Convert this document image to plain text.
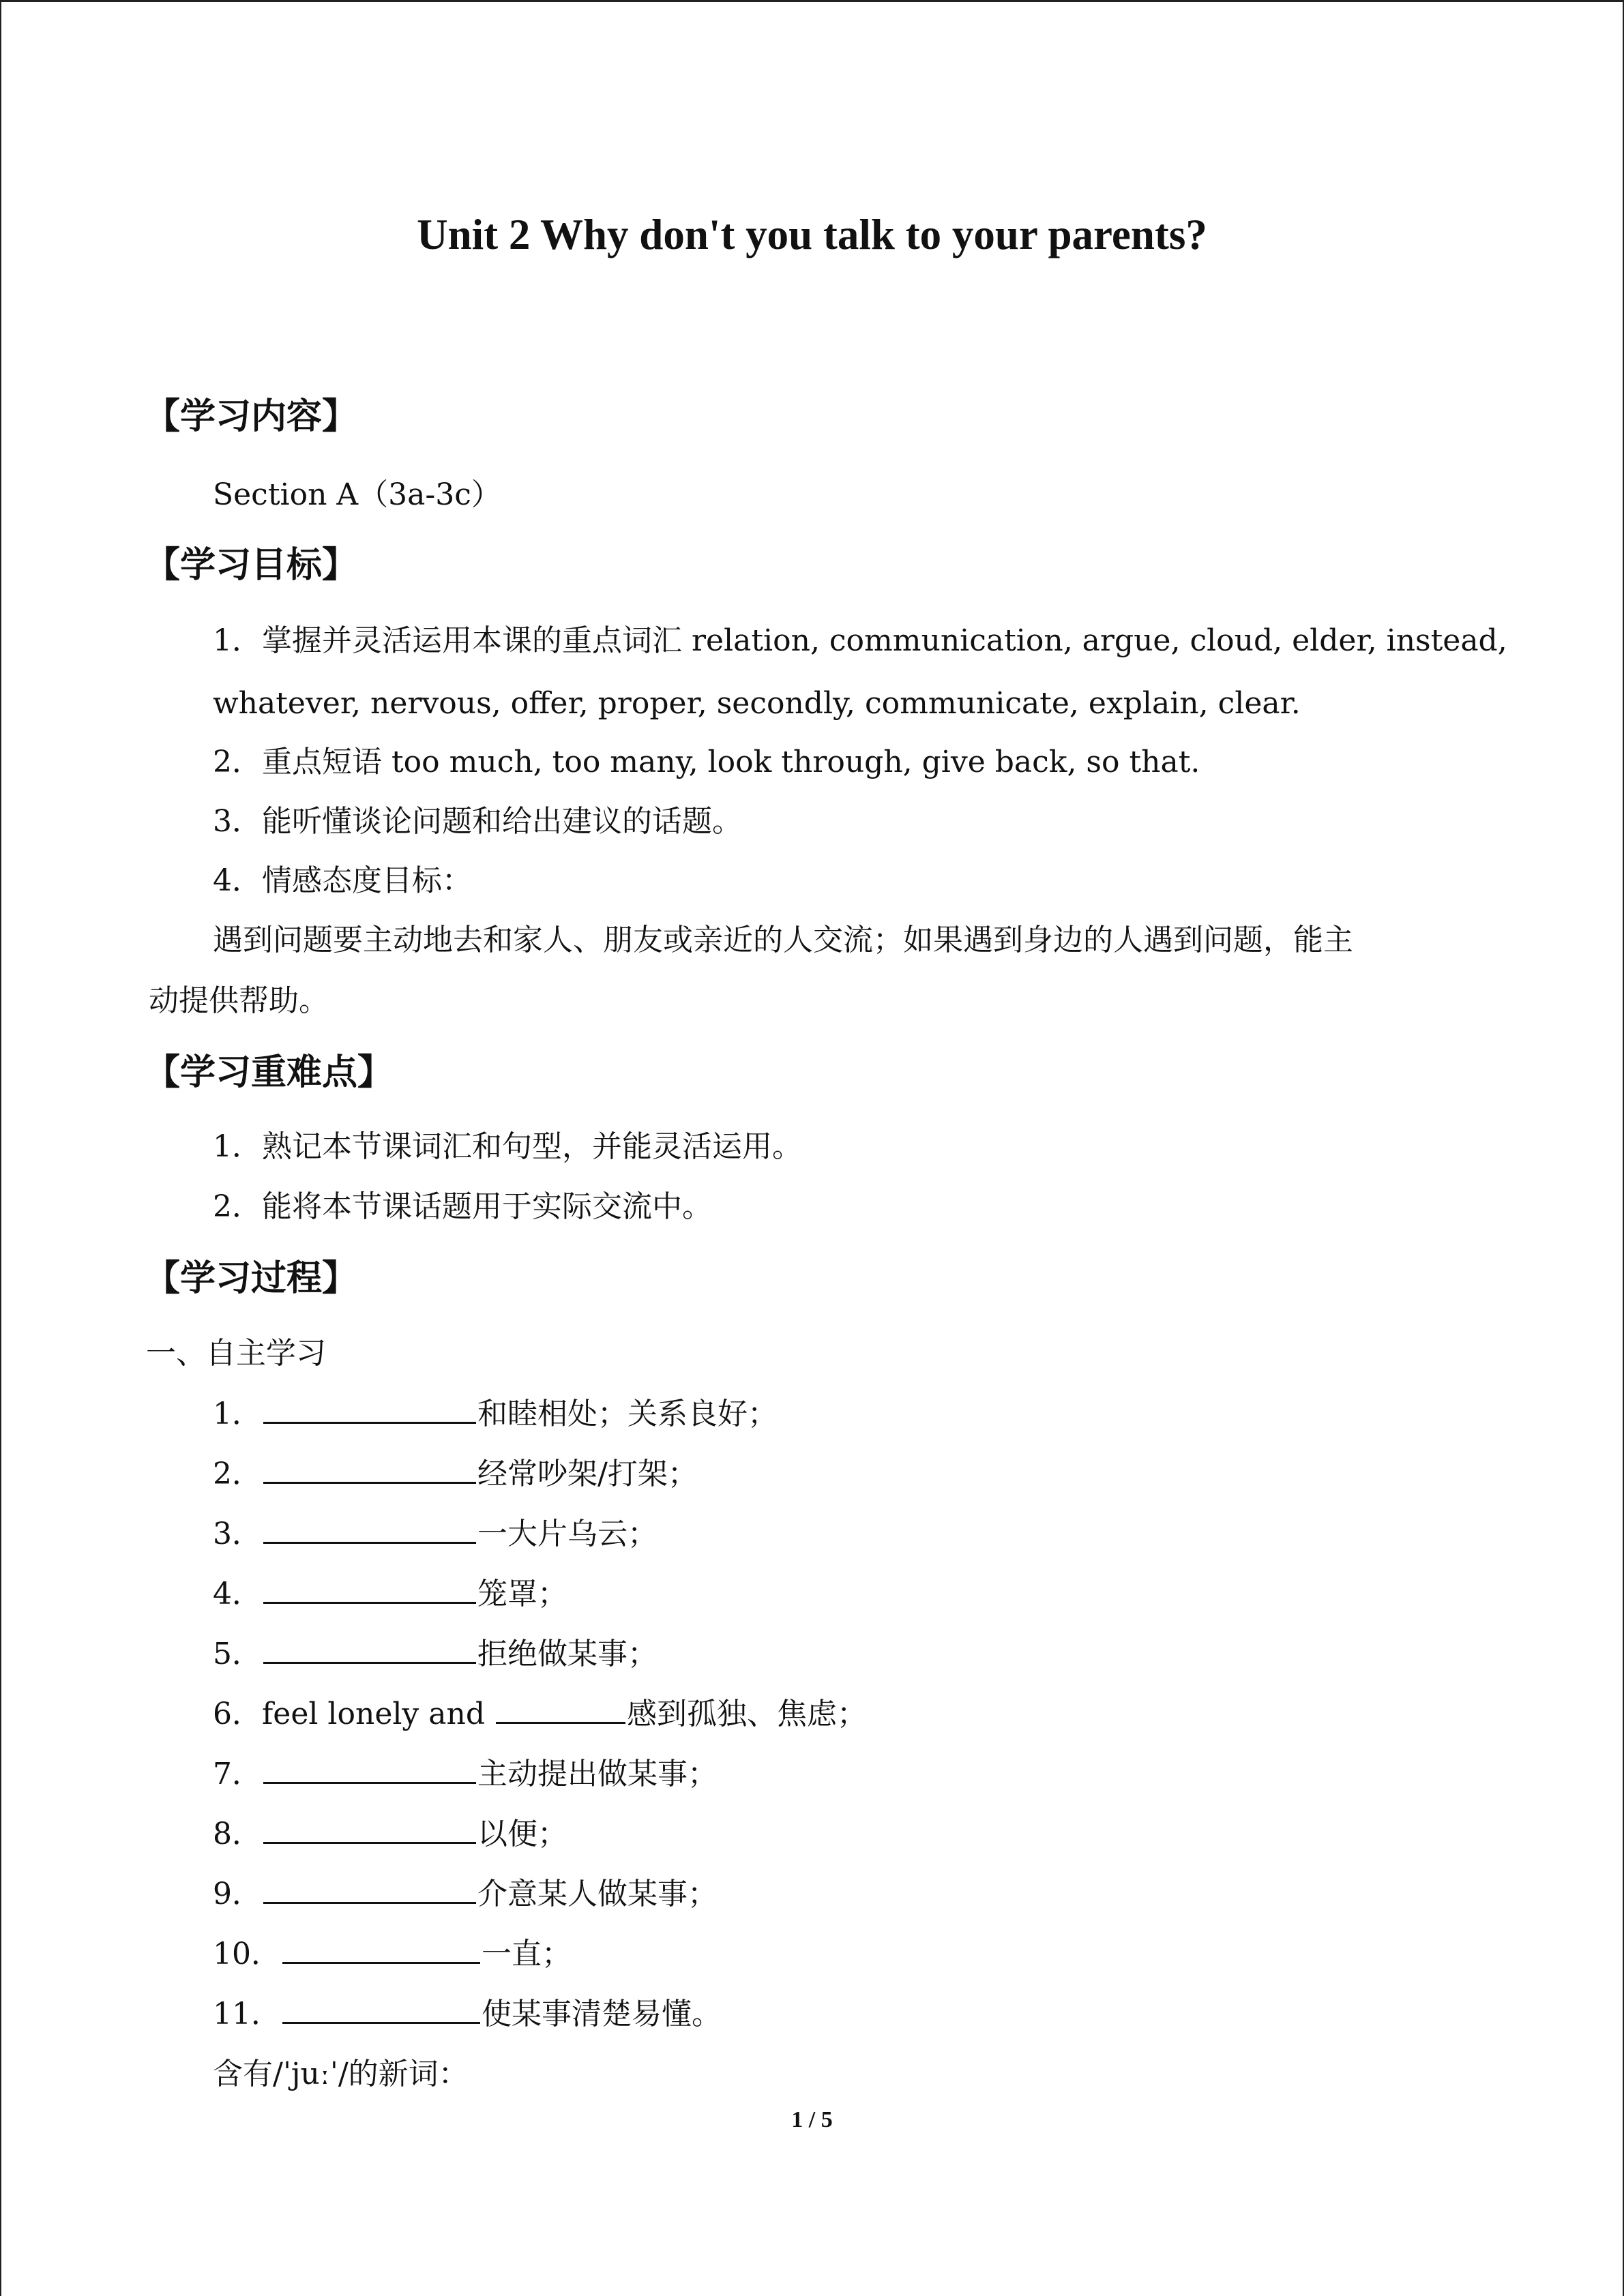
Unit 2 Why don't you talk to your parents?
【学习内容】
Section A（3a-3c）
【学习目标】
1．掌握并灵活运用本课的重点词汇 relation, communication, argue, cloud, elder, instead,
whatever, nervous, offer, proper, secondly, communicate, explain, clear.
2．重点短语 too much, too many, look through, give back, so that.
3．能听懂谈论问题和给出建议的话题。
4．情感态度目标：
遇到问题要主动地去和家人、朋友或亲近的人交流；如果遇到身边的人遇到问题，能主
动提供帮助。
【学习重难点】
1．熟记本节课词汇和句型，并能灵活运用。
2．能将本节课话题用于实际交流中。
【学习过程】
一、自主学习
1．	和睦相处；关系良好；
2．	经常吵架/打架；
3．	一大片乌云；
4．	笼罩；
5．	拒绝做某事；
6．feel lonely and	感到孤独、焦虑；
7．	主动提出做某事；
8．	以便；
9．	介意某人做某事；
10．	一直；
11．	使某事清楚易懂。
含有/ˈjuːˈ/的新词：
1 / 5
